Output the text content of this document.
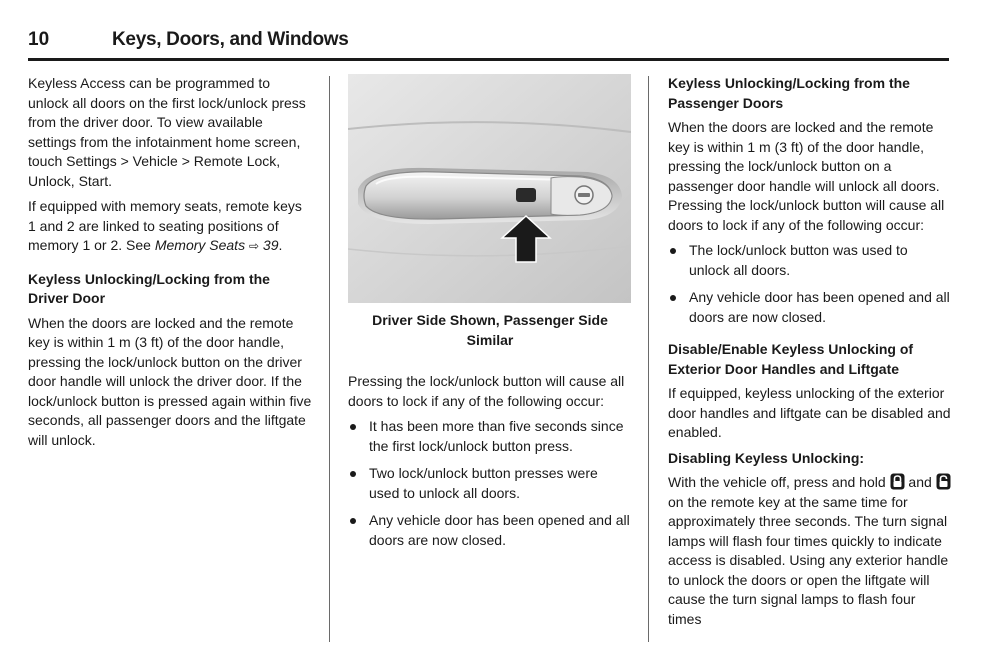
10	Keys, Doors, and Windows

Keyless Access can be programmed to unlock all doors on the first lock/unlock press from the driver door. To view available settings from the infotainment home screen, touch Settings > Vehicle > Remote Lock, Unlock, Start.

If equipped with memory seats, remote keys 1 and 2 are linked to seating positions of memory 1 or 2. See Memory Seats ⇨ 39.

Keyless Unlocking/Locking from the Driver Door

When the doors are locked and the remote key is within 1 m (3 ft) of the door handle, pressing the lock/unlock button on the driver door handle will unlock the driver door. If the lock/unlock button is pressed again within five seconds, all passenger doors and the liftgate will unlock.

Driver Side Shown, Passenger Side Similar

Pressing the lock/unlock button will cause all doors to lock if any of the following occur:

It has been more than five seconds since the first lock/unlock button press.
Two lock/unlock button presses were used to unlock all doors.
Any vehicle door has been opened and all doors are now closed.
Keyless Unlocking/Locking from the Passenger Doors

When the doors are locked and the remote key is within 1 m (3 ft) of the door handle, pressing the lock/unlock button on a passenger door handle will unlock all doors. Pressing the lock/unlock button will cause all doors to lock if any of the following occur:

The lock/unlock button was used to unlock all doors.
Any vehicle door has been opened and all doors are now closed.
Disable/Enable Keyless Unlocking of Exterior Door Handles and Liftgate

If equipped, keyless unlocking of the exterior door handles and liftgate can be disabled and enabled.

Disabling Keyless Unlocking:

With the vehicle off, press and hold  and  on the remote key at the same time for approximately three seconds. The turn signal lamps will flash four times quickly to indicate access is disabled. Using any exterior handle to unlock the doors or open the liftgate will cause the turn signal lamps to flash four times
